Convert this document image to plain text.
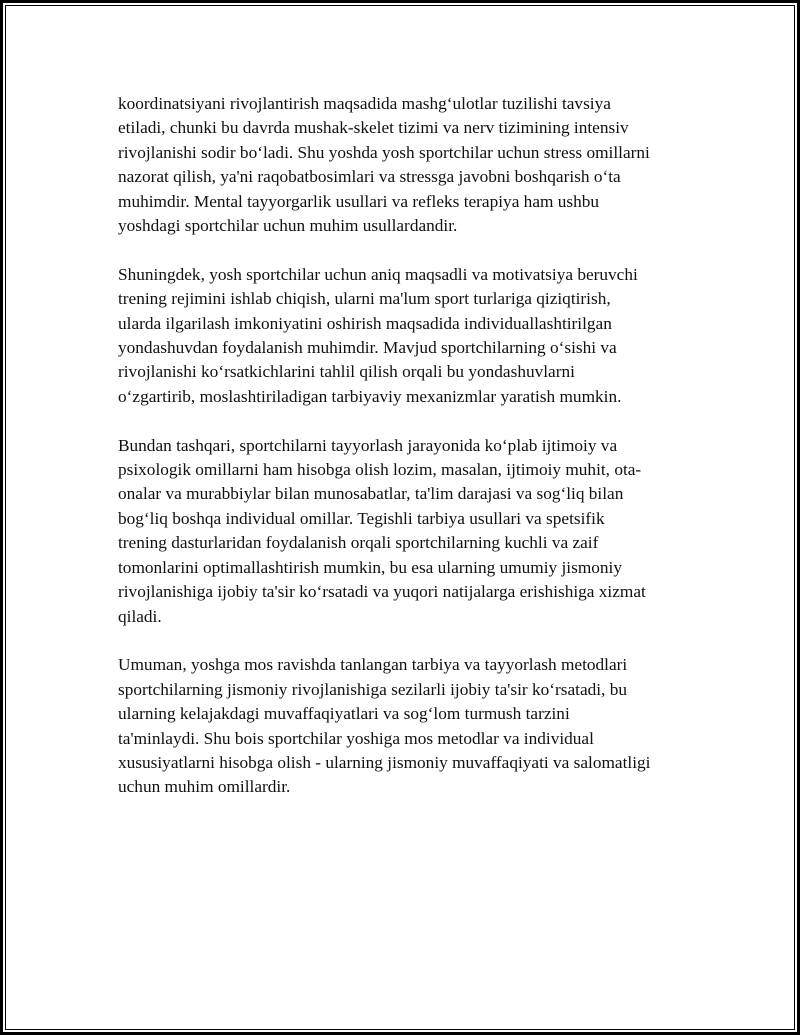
koordinatsiyani rivojlantirish maqsadida mashg‘ulotlar tuzilishi tavsiya
etiladi, chunki bu davrda mushak-skelet tizimi va nerv tizimining intensiv
rivojlanishi sodir bo‘ladi. Shu yoshda yosh sportchilar uchun stress omillarni
nazorat qilish, ya'ni raqobatbosimlari va stressga javobni boshqarish o‘ta
muhimdir. Mental tayyorgarlik usullari va refleks terapiya ham ushbu
yoshdagi sportchilar uchun muhim usullardandir.

Shuningdek, yosh sportchilar uchun aniq maqsadli va motivatsiya beruvchi
trening rejimini ishlab chiqish, ularni ma'lum sport turlariga qiziqtirish,
ularda ilgarilash imkoniyatini oshirish maqsadida individuallashtirilgan
yondashuvdan foydalanish muhimdir. Mavjud sportchilarning o‘sishi va
rivojlanishi ko‘rsatkichlarini tahlil qilish orqali bu yondashuvlarni
o‘zgartirib, moslashtiriladigan tarbiyaviy mexanizmlar yaratish mumkin.

Bundan tashqari, sportchilarni tayyorlash jarayonida ko‘plab ijtimoiy va
psixologik omillarni ham hisobga olish lozim, masalan, ijtimoiy muhit, ota-
onalar va murabbiylar bilan munosabatlar, ta'lim darajasi va sog‘liq bilan
bog‘liq boshqa individual omillar. Tegishli tarbiya usullari va spetsifik
trening dasturlaridan foydalanish orqali sportchilarning kuchli va zaif
tomonlarini optimallashtirish mumkin, bu esa ularning umumiy jismoniy
rivojlanishiga ijobiy ta'sir ko‘rsatadi va yuqori natijalarga erishishiga xizmat
qiladi.

Umuman, yoshga mos ravishda tanlangan tarbiya va tayyorlash metodlari
sportchilarning jismoniy rivojlanishiga sezilarli ijobiy ta'sir ko‘rsatadi, bu
ularning kelajakdagi muvaffaqiyatlari va sog‘lom turmush tarzini
ta'minlaydi. Shu bois sportchilar yoshiga mos metodlar va individual
xususiyatlarni hisobga olish - ularning jismoniy muvaffaqiyati va salomatligi
uchun muhim omillardir.
